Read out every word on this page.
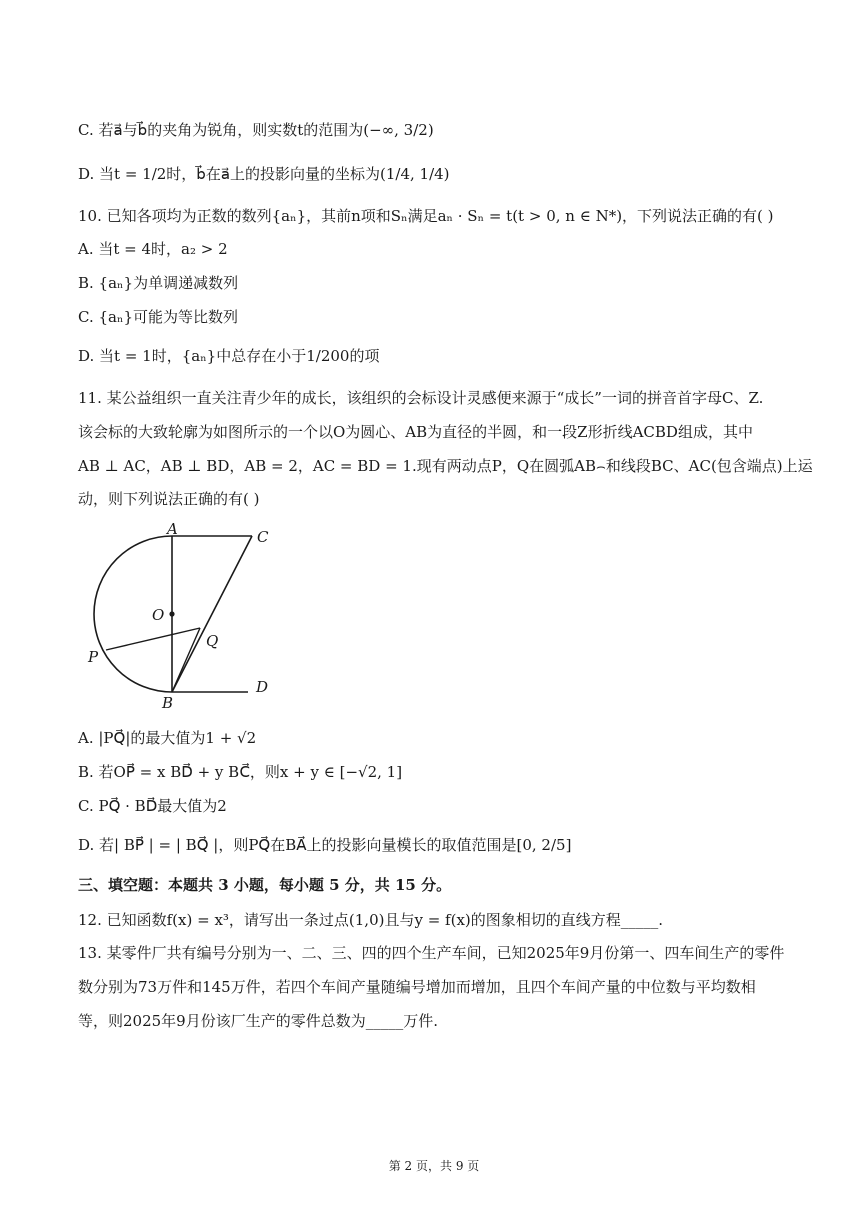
C. 若a⃗与b⃗的夹角为锐角，则实数t的范围为(−∞, 3/2)
D. 当t = 1/2时，b⃗在a⃗上的投影向量的坐标为(1/4, 1/4)
10. 已知各项均为正数的数列{aₙ}，其前n项和Sₙ满足aₙ · Sₙ = t(t > 0, n ∈ N*)，下列说法正确的有( )
A. 当t = 4时，a₂ > 2
B. {aₙ}为单调递减数列
C. {aₙ}可能为等比数列
D. 当t = 1时，{aₙ}中总存在小于1/200的项
11. 某公益组织一直关注青少年的成长，该组织的会标设计灵感便来源于“成长”一词的拼音首字母C、Z.
该会标的大致轮廓为如图所示的一个以O为圆心、AB为直径的半圆，和一段Z形折线ACBD组成，其中
AB ⊥ AC，AB ⊥ BD，AB = 2，AC = BD = 1.现有两动点P，Q在圆弧AB⌢和线段BC、AC(包含端点)上运
动，则下列说法正确的有( )
A	C
O
Q
P
B
D
A. |PQ⃗|的最大值为1 + √2
B. 若OP⃗ = x BD⃗ + y BC⃗，则x + y ∈ [−√2, 1]
C. PQ⃗ · BD⃗最大值为2
D. 若| BP⃗ | = | BQ⃗ |，则PQ⃗在BA⃗上的投影向量模长的取值范围是[0, 2/5]
三、填空题：本题共 3 小题，每小题 5 分，共 15 分。
12. 已知函数f(x) = x³，请写出一条过点(1,0)且与y = f(x)的图象相切的直线方程_____.
13. 某零件厂共有编号分别为一、二、三、四的四个生产车间，已知2025年9月份第一、四车间生产的零件
数分别为73万件和145万件，若四个车间产量随编号增加而增加，且四个车间产量的中位数与平均数相
等，则2025年9月份该厂生产的零件总数为_____万件.
第 2 页，共 9 页
